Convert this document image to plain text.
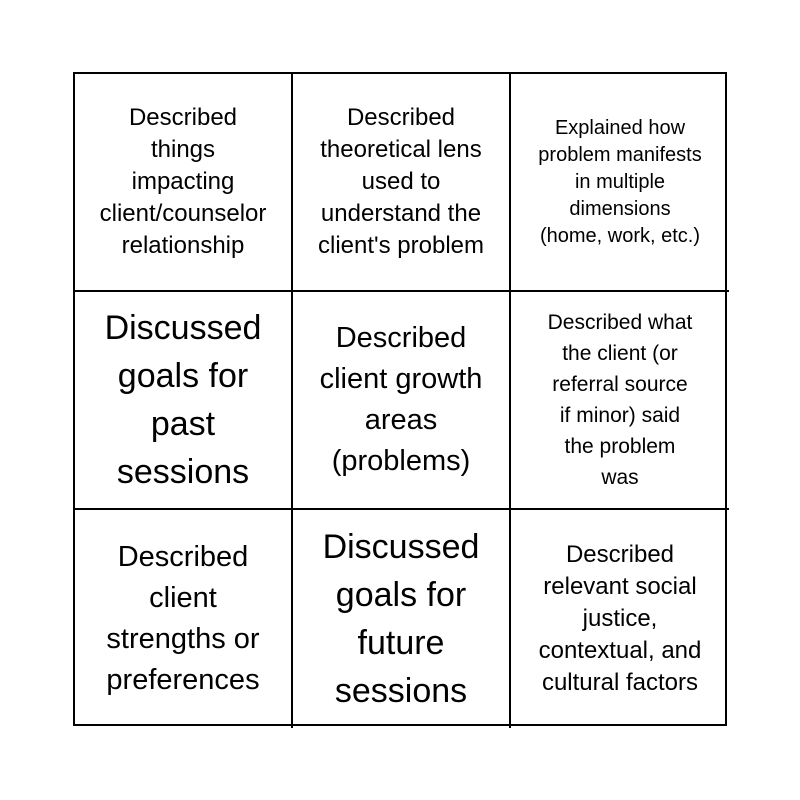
Described
things
impacting
client/counselor
relationship
Described
theoretical lens
used to
understand the
client's problem
Explained how
problem manifests
in multiple
dimensions
(home, work, etc.)
Discussed
goals for
past
sessions
Described
client growth
areas
(problems)
Described what
the client (or
referral source
if minor) said
the problem
was
Described
client
strengths or
preferences
Discussed
goals for
future
sessions
Described
relevant social
justice,
contextual, and
cultural factors
